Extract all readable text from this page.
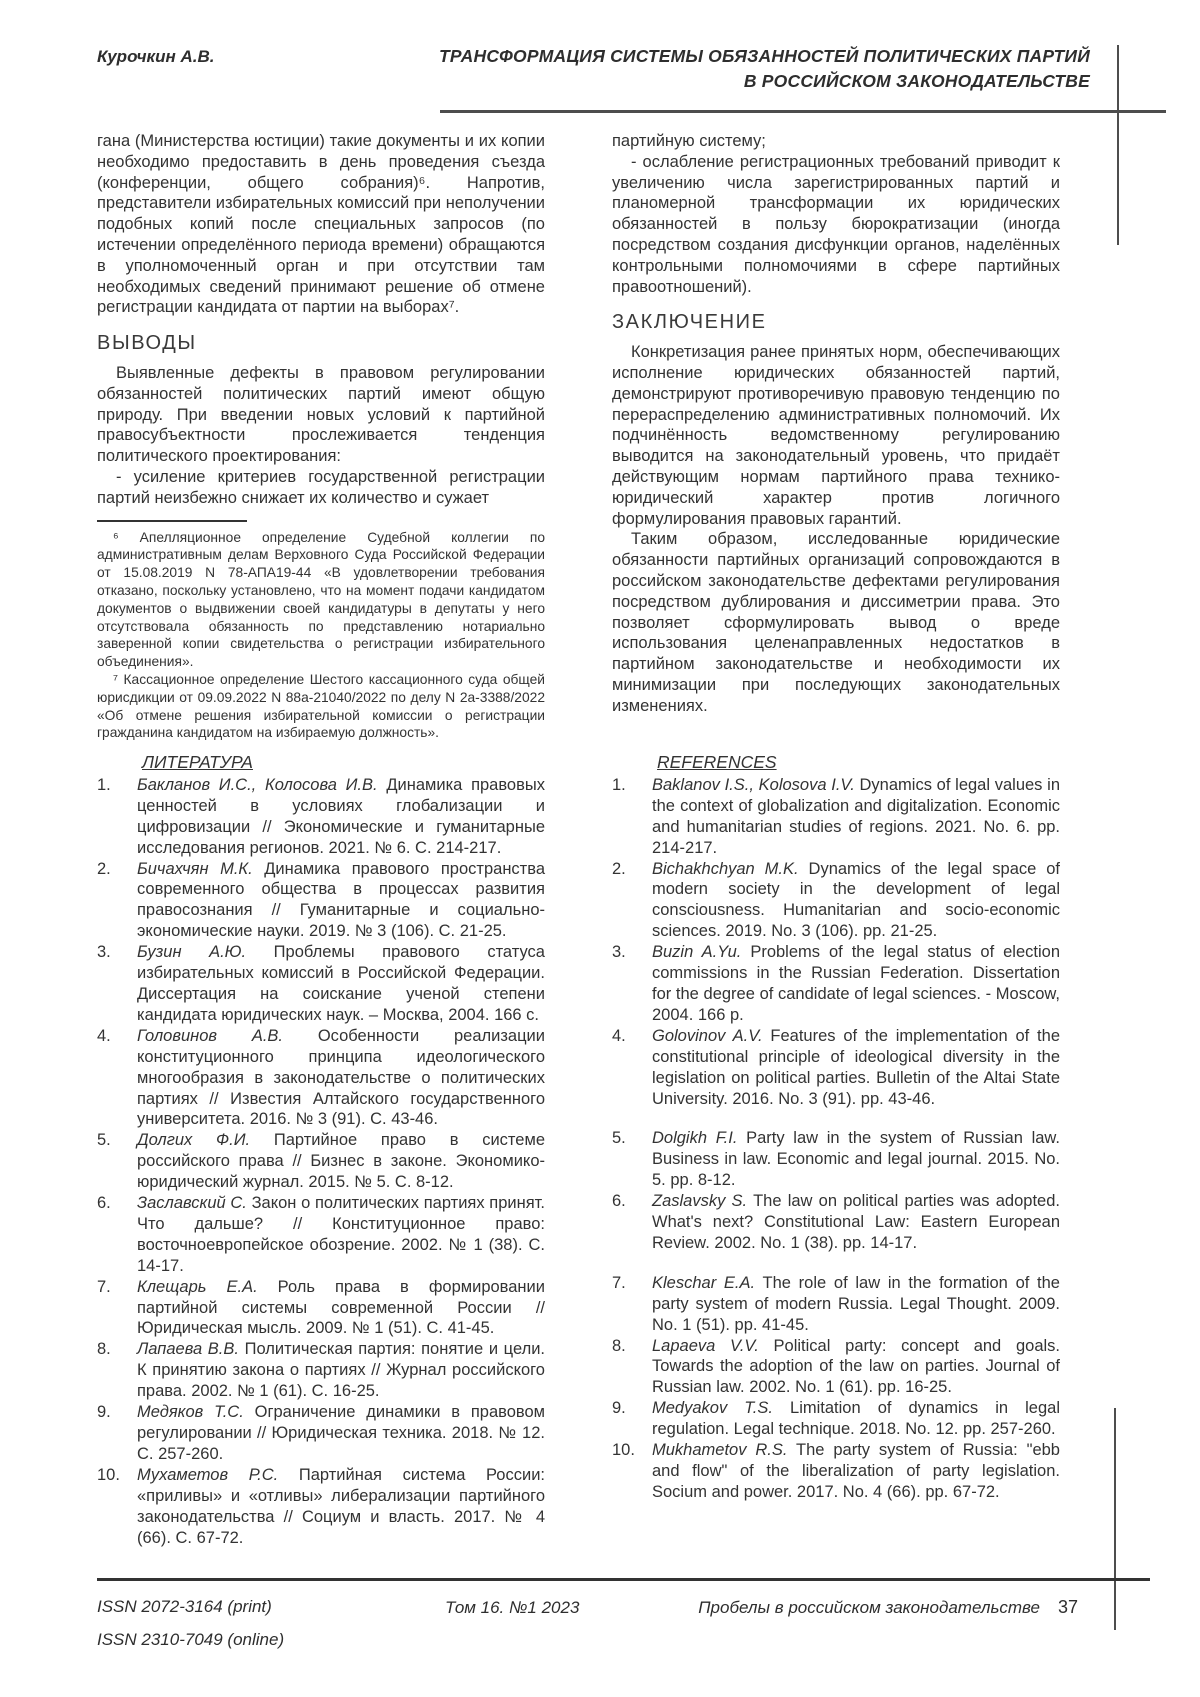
Курочкин А.В.	ТРАНСФОРМАЦИЯ СИСТЕМЫ ОБЯЗАННОСТЕЙ ПОЛИТИЧЕСКИХ ПАРТИЙ
В РОССИЙСКОМ ЗАКОНОДАТЕЛЬСТВЕ

гана (Министерства юстиции) такие документы и их копии необходимо предоставить в день проведения съезда (конференции, общего собрания)⁶. Напротив, представители избирательных комиссий при неполучении подобных копий после специальных запросов (по истечении определённого периода времени) обращаются в уполномоченный орган и при отсутствии там необходимых сведений принимают решение об отмене регистрации кандидата от партии на выборах⁷.

ВЫВОДЫ

Выявленные дефекты в правовом регулировании обязанностей политических партий имеют общую природу. При введении новых условий к партийной правосубъектности прослеживается тенденция политического проектирования:

- усиление критериев государственной регистрации партий неизбежно снижает их количество и сужает

⁶ Апелляционное определение Судебной коллегии по административным делам Верховного Суда Российской Федерации от 15.08.2019 N 78-АПА19-44 «В удовлетворении требования отказано, поскольку установлено, что на момент подачи кандидатом документов о выдвижении своей кандидатуры в депутаты у него отсутствовала обязанность по представлению нотариально заверенной копии свидетельства о регистрации избирательного объединения».

⁷ Кассационное определение Шестого кассационного суда общей юрисдикции от 09.09.2022 N 88а-21040/2022 по делу N 2а-3388/2022 «Об отмене решения избирательной комиссии о регистрации гражданина кандидатом на избираемую должность».

партийную систему;

- ослабление регистрационных требований приводит к увеличению числа зарегистрированных партий и планомерной трансформации их юридических обязанностей в пользу бюрократизации (иногда посредством создания дисфункции органов, наделённых контрольными полномочиями в сфере партийных правоотношений).

ЗАКЛЮЧЕНИЕ

Конкретизация ранее принятых норм, обеспечивающих исполнение юридических обязанностей партий, демонстрируют противоречивую правовую тенденцию по перераспределению административных полномочий. Их подчинённость ведомственному регулированию выводится на законодательный уровень, что придаёт действующим нормам партийного права технико-юридический характер против логичного формулирования правовых гарантий.

Таким образом, исследованные юридические обязанности партийных организаций сопровождаются в российском законодательстве дефектами регулирования посредством дублирования и диссиметрии права. Это позволяет сформулировать вывод о вреде использования целенаправленных недостатков в партийном законодательстве и необходимости их минимизации при последующих законодательных изменениях.

ЛИТЕРАТУРА
1. Бакланов И.С., Колосова И.В. Динамика правовых ценностей в условиях глобализации и цифровизации // Экономические и гуманитарные исследования регионов. 2021. № 6. С. 214-217.
2. Бичахчян М.К. Динамика правового пространства современного общества в процессах развития правосознания // Гуманитарные и социально-экономические науки. 2019. № 3 (106). С. 21-25.
3. Бузин А.Ю. Проблемы правового статуса избирательных комиссий в Российской Федерации. Диссертация на соискание ученой степени кандидата юридических наук. – Москва, 2004. 166 с.
4. Головинов А.В. Особенности реализации конституционного принципа идеологического многообразия в законодательстве о политических партиях // Известия Алтайского государственного университета. 2016. № 3 (91). С. 43-46.
5. Долгих Ф.И. Партийное право в системе российского права // Бизнес в законе. Экономико-юридический журнал. 2015. № 5. С. 8-12.
6. Заславский С. Закон о политических партиях принят. Что дальше? // Конституционное право: восточноевропейское обозрение. 2002. № 1 (38). С. 14-17.
7. Клещарь Е.А. Роль права в формировании партийной системы современной России // Юридическая мысль. 2009. № 1 (51). С. 41-45.
8. Лапаева В.В. Политическая партия: понятие и цели. К принятию закона о партиях // Журнал российского права. 2002. № 1 (61). С. 16-25.
9. Медяков Т.С. Ограничение динамики в правовом регулировании // Юридическая техника. 2018. № 12. С. 257-260.
10. Мухаметов Р.С. Партийная система России: «приливы» и «отливы» либерализации партийного законодательства // Социум и власть. 2017. № 4 (66). С. 67-72.
REFERENCES
1. Baklanov I.S., Kolosova I.V. Dynamics of legal values in the context of globalization and digitalization. Economic and humanitarian studies of regions. 2021. No. 6. pp. 214-217.
2. Bichakhchyan M.K. Dynamics of the legal space of modern society in the development of legal consciousness. Humanitarian and socio-economic sciences. 2019. No. 3 (106). pp. 21-25.
3. Buzin A.Yu. Problems of the legal status of election commissions in the Russian Federation. Dissertation for the degree of candidate of legal sciences. - Moscow, 2004. 166 p.
4. Golovinov A.V. Features of the implementation of the constitutional principle of ideological diversity in the legislation on political parties. Bulletin of the Altai State University. 2016. No. 3 (91). pp. 43-46.
5. Dolgikh F.I. Party law in the system of Russian law. Business in law. Economic and legal journal. 2015. No. 5. pp. 8-12.
6. Zaslavsky S. The law on political parties was adopted. What's next? Constitutional Law: Eastern European Review. 2002. No. 1 (38). pp. 14-17.
7. Kleschar E.A. The role of law in the formation of the party system of modern Russia. Legal Thought. 2009. No. 1 (51). pp. 41-45.
8. Lapaeva V.V. Political party: concept and goals. Towards the adoption of the law on parties. Journal of Russian law. 2002. No. 1 (61). pp. 16-25.
9. Medyakov T.S. Limitation of dynamics in legal regulation. Legal technique. 2018. No. 12. pp. 257-260.
10. Mukhametov R.S. The party system of Russia: "ebb and flow" of the liberalization of party legislation. Socium and power. 2017. No. 4 (66). pp. 67-72.
ISSN 2072-3164 (print)
ISSN 2310-7049 (online)
Том 16. №1 2023	Пробелы в российском законодательстве 37
